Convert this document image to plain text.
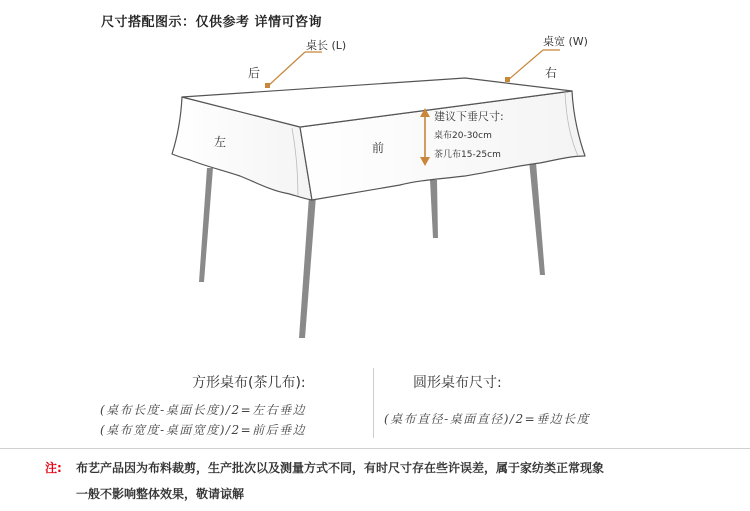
尺寸搭配图示：仅供参考 详情可咨询
桌长 (L)	桌宽 (W)
后	右
左	前
建议下垂尺寸:
桌布20-30cm
茶几布15-25cm
方形桌布(茶几布):
(桌布长度-桌面长度)/2=左右垂边
(桌布宽度-桌面宽度)/2=前后垂边
圆形桌布尺寸:
(桌布直径-桌面直径)/2=垂边长度
注: 布艺产品因为布料裁剪，生产批次以及测量方式不同，有时尺寸存在些许误差，属于家纺类正常现象
一般不影响整体效果，敬请谅解
